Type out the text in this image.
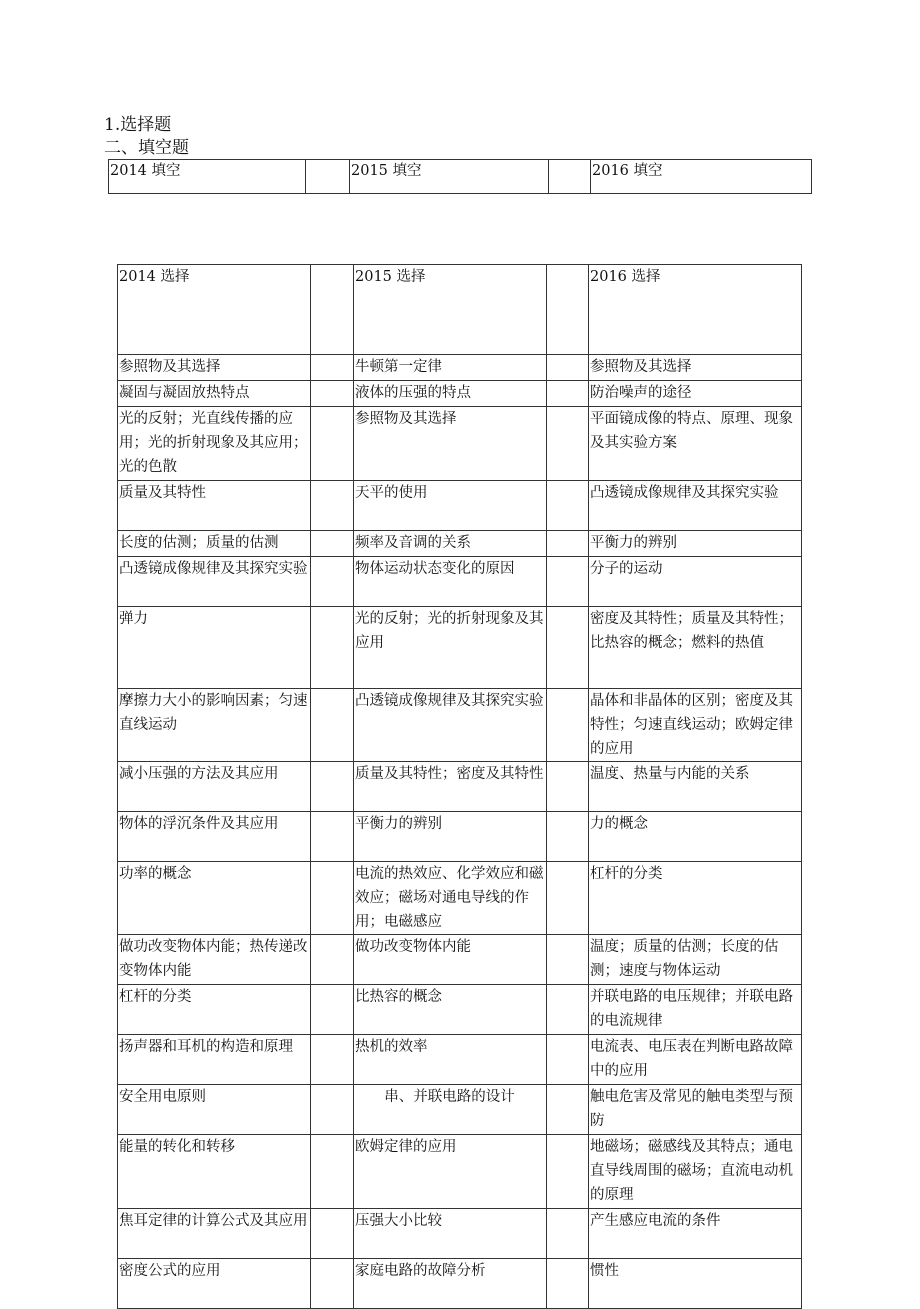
1.选择题
二、填空题
2014 填空		2015 填空		2016 填空
2014 选择		2015 选择		2016 选择

参照物及其选择		牛顿第一定律		参照物及其选择

凝固与凝固放热特点		液体的压强的特点		防治噪声的途径

光的反射；光直线传播的应用；光的折射现象及其应用；光的色散		参照物及其选择		平面镜成像的特点、原理、现象及其实验方案

质量及其特性		天平的使用		凸透镜成像规律及其探究实验

长度的估测；质量的估测		频率及音调的关系		平衡力的辨别

凸透镜成像规律及其探究实验		物体运动状态变化的原因		分子的运动

弹力		光的反射；光的折射现象及其应用		密度及其特性；质量及其特性；比热容的概念；燃料的热值

摩擦力大小的影响因素；匀速直线运动		凸透镜成像规律及其探究实验		晶体和非晶体的区别；密度及其特性；匀速直线运动；欧姆定律的应用

减小压强的方法及其应用		质量及其特性；密度及其特性		温度、热量与内能的关系

物体的浮沉条件及其应用		平衡力的辨别		力的概念

功率的概念		电流的热效应、化学效应和磁效应；磁场对通电导线的作用；电磁感应		杠杆的分类

做功改变物体内能；热传递改变物体内能		做功改变物体内能		温度；质量的估测；长度的估测；速度与物体运动

杠杆的分类		比热容的概念		并联电路的电压规律；并联电路的电流规律

扬声器和耳机的构造和原理		热机的效率		电流表、电压表在判断电路故障中的应用

安全用电原则		串、并联电路的设计		触电危害及常见的触电类型与预防

能量的转化和转移		欧姆定律的应用		地磁场；磁感线及其特点；通电直导线周围的磁场；直流电动机的原理

焦耳定律的计算公式及其应用		压强大小比较		产生感应电流的条件

密度公式的应用		家庭电路的故障分析		惯性
